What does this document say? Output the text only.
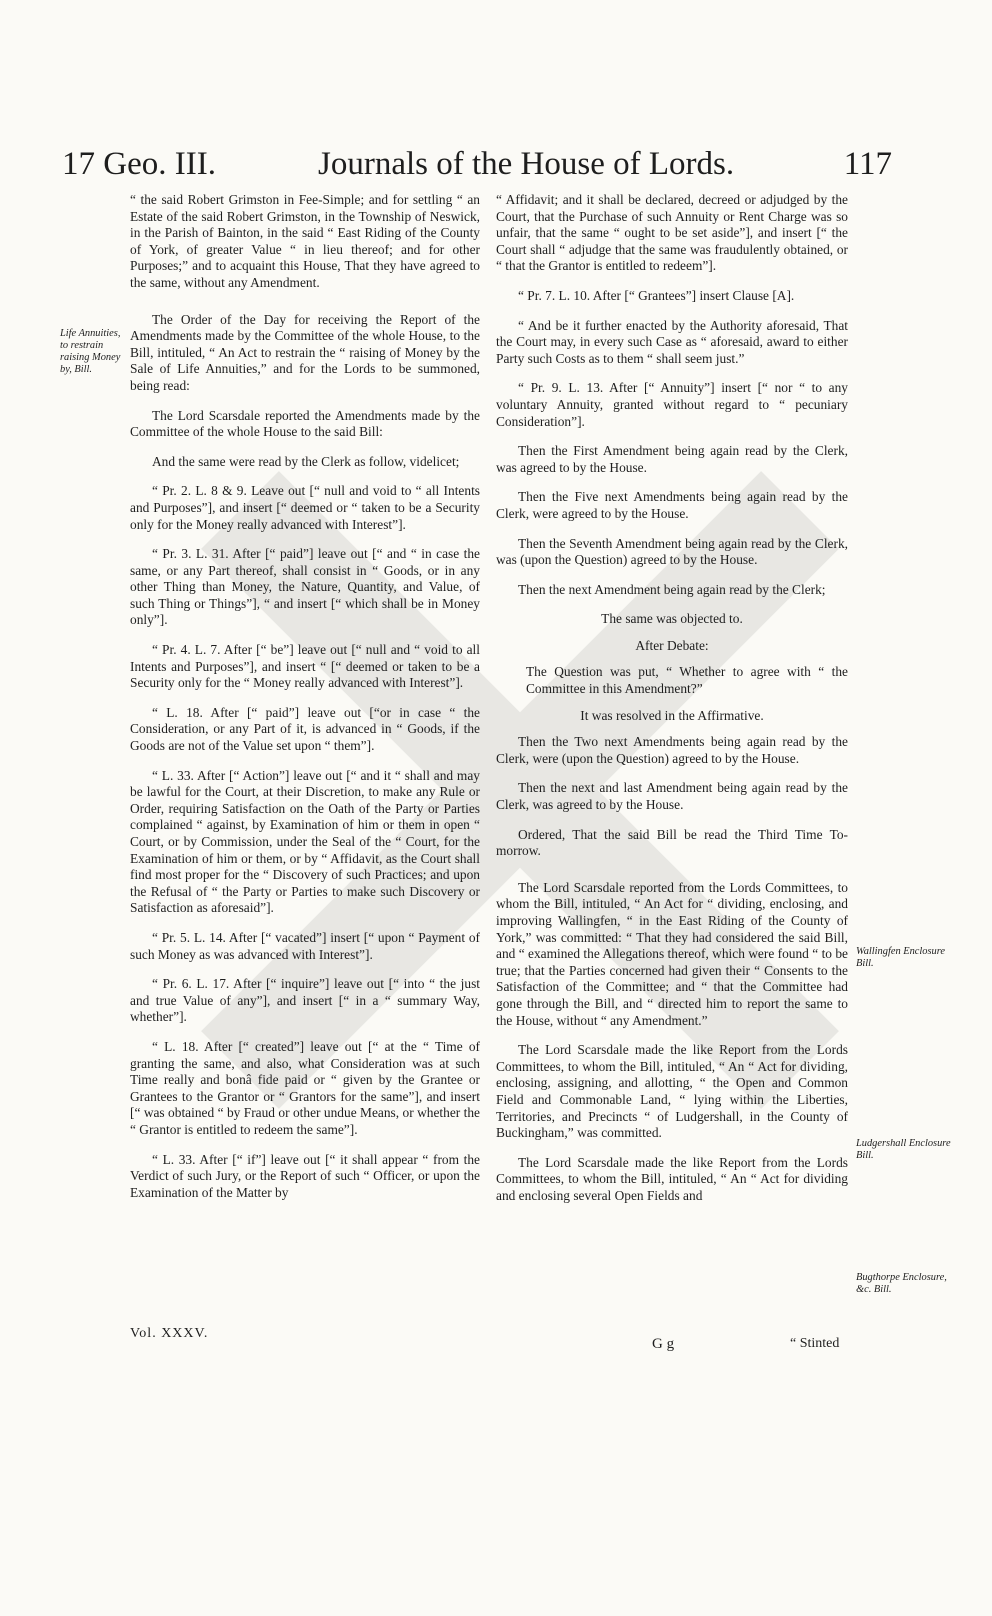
17 Geo. III.	Journals of the House of Lords.	117

“ the said Robert Grimston in Fee-Simple; and for settling “ an Estate of the said Robert Grimston, in the Township of Neswick, in the Parish of Bainton, in the said “ East Riding of the County of York, of greater Value “ in lieu thereof; and for other Purposes;” and to acquaint this House, That they have agreed to the same, without any Amendment.

The Order of the Day for receiving the Report of the Amendments made by the Committee of the whole House, to the Bill, intituled, “ An Act to restrain the “ raising of Money by the Sale of Life Annuities,” and for the Lords to be summoned, being read:

The Lord Scarsdale reported the Amendments made by the Committee of the whole House to the said Bill:

And the same were read by the Clerk as follow, videlicet;

“ Pr. 2. L. 8 & 9. Leave out [“ null and void to “ all Intents and Purposes”], and insert [“ deemed or “ taken to be a Security only for the Money really advanced with Interest”].

“ Pr. 3. L. 31. After [“ paid”] leave out [“ and “ in case the same, or any Part thereof, shall consist in “ Goods, or in any other Thing than Money, the Nature, Quantity, and Value, of such Thing or Things”], “ and insert [“ which shall be in Money only”].

“ Pr. 4. L. 7. After [“ be”] leave out [“ null and “ void to all Intents and Purposes”], and insert “ [“ deemed or taken to be a Security only for the “ Money really advanced with Interest”].

“ L. 18. After [“ paid”] leave out [“or in case “ the Consideration, or any Part of it, is advanced in “ Goods, if the Goods are not of the Value set upon “ them”].

“ L. 33. After [“ Action”] leave out [“ and it “ shall and may be lawful for the Court, at their Discretion, to make any Rule or Order, requiring Satisfaction on the Oath of the Party or Parties complained “ against, by Examination of him or them in open “ Court, or by Commission, under the Seal of the “ Court, for the Examination of him or them, or by “ Affidavit, as the Court shall find most proper for the “ Discovery of such Practices; and upon the Refusal of “ the Party or Parties to make such Discovery or Satisfaction as aforesaid”].

“ Pr. 5. L. 14. After [“ vacated”] insert [“ upon “ Payment of such Money as was advanced with Interest”].

“ Pr. 6. L. 17. After [“ inquire”] leave out [“ into “ the just and true Value of any”], and insert [“ in a “ summary Way, whether”].

“ L. 18. After [“ created”] leave out [“ at the “ Time of granting the same, and also, what Consideration was at such Time really and bonâ fide paid or “ given by the Grantee or Grantees to the Grantor or “ Grantors for the same”], and insert [“ was obtained “ by Fraud or other undue Means, or whether the “ Grantor is entitled to redeem the same”].

“ L. 33. After [“ if”] leave out [“ it shall appear “ from the Verdict of such Jury, or the Report of such “ Officer, or upon the Examination of the Matter by

Life Annuities, to restrain raising Money by, Bill.

“ Affidavit; and it shall be declared, decreed or adjudged by the Court, that the Purchase of such Annuity or Rent Charge was so unfair, that the same “ ought to be set aside”], and insert [“ the Court shall “ adjudge that the same was fraudulently obtained, or “ that the Grantor is entitled to redeem”].

“ Pr. 7. L. 10. After [“ Grantees”] insert Clause [A].

“ And be it further enacted by the Authority aforesaid, That the Court may, in every such Case as “ aforesaid, award to either Party such Costs as to them “ shall seem just.”

“ Pr. 9. L. 13. After [“ Annuity”] insert [“ nor “ to any voluntary Annuity, granted without regard to “ pecuniary Consideration”].

Then the First Amendment being again read by the Clerk, was agreed to by the House.

Then the Five next Amendments being again read by the Clerk, were agreed to by the House.

Then the Seventh Amendment being again read by the Clerk, was (upon the Question) agreed to by the House.

Then the next Amendment being again read by the Clerk;

The same was objected to.

After Debate:

The Question was put, “ Whether to agree with “ the Committee in this Amendment?”

It was resolved in the Affirmative.

Then the Two next Amendments being again read by the Clerk, were (upon the Question) agreed to by the House.

Then the next and last Amendment being again read by the Clerk, was agreed to by the House.

Ordered, That the said Bill be read the Third Time To-morrow.

The Lord Scarsdale reported from the Lords Committees, to whom the Bill, intituled, “ An Act for “ dividing, enclosing, and improving Wallingfen, “ in the East Riding of the County of York,” was committed: “ That they had considered the said Bill, and “ examined the Allegations thereof, which were found “ to be true; that the Parties concerned had given their “ Consents to the Satisfaction of the Committee; and “ that the Committee had gone through the Bill, and “ directed him to report the same to the House, without “ any Amendment.”

The Lord Scarsdale made the like Report from the Lords Committees, to whom the Bill, intituled, “ An “ Act for dividing, enclosing, assigning, and allotting, “ the Open and Common Field and Commonable Land, “ lying within the Liberties, Territories, and Precincts “ of Ludgershall, in the County of Buckingham,” was committed.

The Lord Scarsdale made the like Report from the Lords Committees, to whom the Bill, intituled, “ An “ Act for dividing and enclosing several Open Fields and

Wallingfen Enclosure Bill.
Ludgershall Enclosure Bill.
Bugthorpe Enclosure, &c. Bill.
Vol. XXXV.
G g	“ Stinted
